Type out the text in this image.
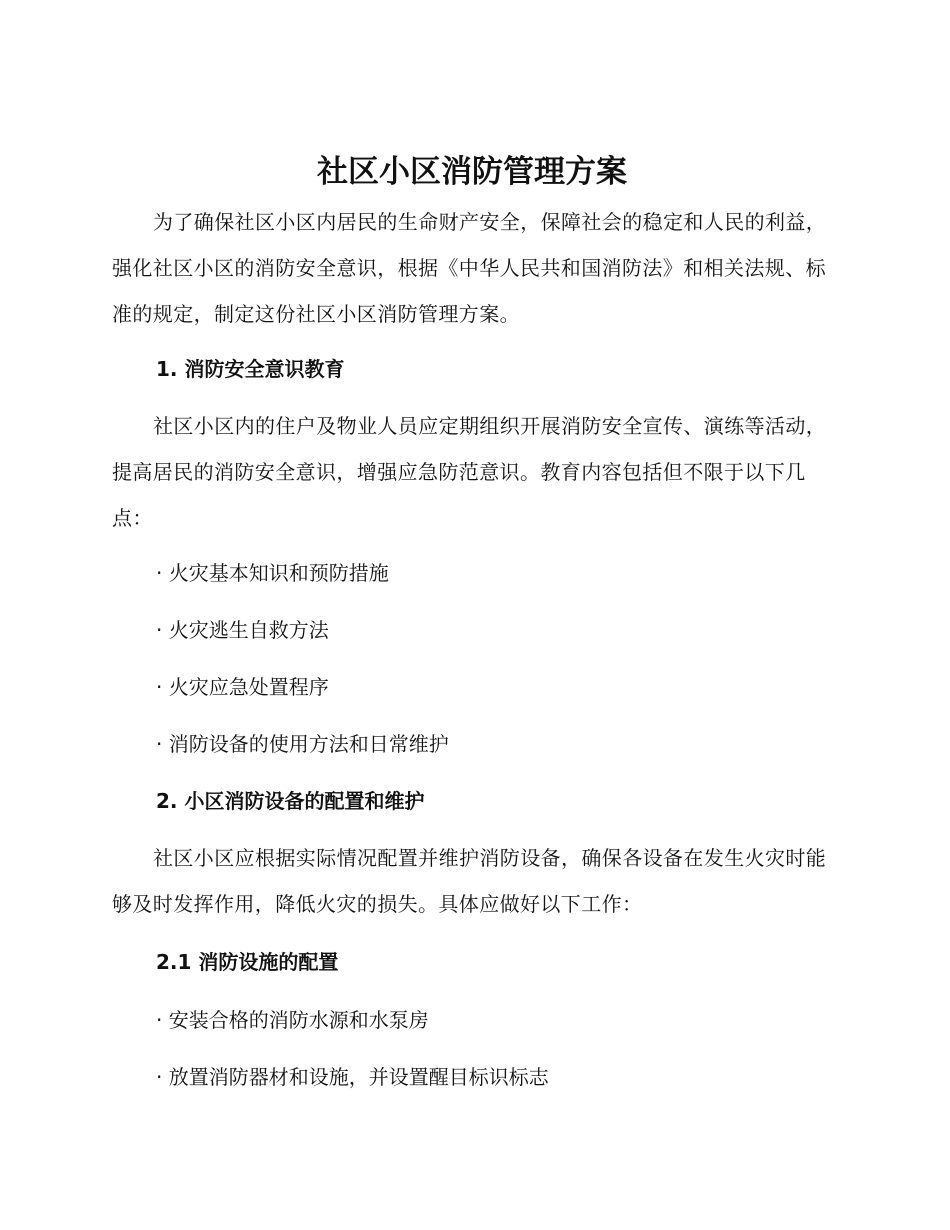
社区小区消防管理方案

为了确保社区小区内居民的生命财产安全，保障社会的稳定和人民的利益，强化社区小区的消防安全意识，根据《中华人民共和国消防法》和相关法规、标准的规定，制定这份社区小区消防管理方案。

1. 消防安全意识教育

社区小区内的住户及物业人员应定期组织开展消防安全宣传、演练等活动，提高居民的消防安全意识，增强应急防范意识。教育内容包括但不限于以下几点：

· 火灾基本知识和预防措施
· 火灾逃生自救方法
· 火灾应急处置程序
· 消防设备的使用方法和日常维护
2. 小区消防设备的配置和维护

社区小区应根据实际情况配置并维护消防设备，确保各设备在发生火灾时能够及时发挥作用，降低火灾的损失。具体应做好以下工作：

2.1 消防设施的配置
· 安装合格的消防水源和水泵房
· 放置消防器材和设施，并设置醒目标识标志
